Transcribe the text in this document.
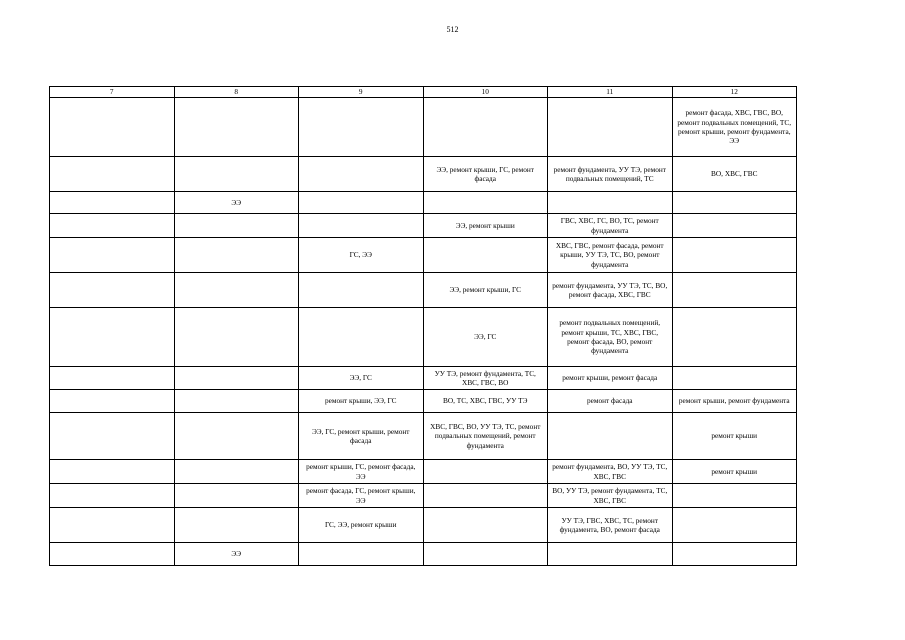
512
7	8	9	10	11	12
					ремонт фасада, ХВС, ГВС, ВО, ремонт подвальных помещений, ТС, ремонт крыши, ремонт фундамента, ЭЭ
			ЭЭ, ремонт крыши, ГС, ремонт фасада	ремонт фундамента, УУ ТЭ, ремонт подвальных помещений, ТС	ВО, ХВС, ГВС
	ЭЭ				
			ЭЭ, ремонт крыши	ГВС, ХВС, ГС, ВО, ТС, ремонт фундамента	
		ГС, ЭЭ		ХВС, ГВС, ремонт фасада, ремонт крыши, УУ ТЭ, ТС, ВО, ремонт фундамента	
			ЭЭ, ремонт крыши, ГС	ремонт фундамента, УУ ТЭ, ТС, ВО, ремонт фасада, ХВС, ГВС	
			ЭЭ, ГС	ремонт подвальных помещений, ремонт крыши, ТС, ХВС, ГВС, ремонт фасада, ВО, ремонт фундамента	
		ЭЭ, ГС	УУ ТЭ, ремонт фундамента, ТС, ХВС, ГВС, ВО	ремонт крыши, ремонт фасада	
		ремонт крыши, ЭЭ, ГС	ВО, ТС, ХВС, ГВС, УУ ТЭ	ремонт фасада	ремонт крыши, ремонт фундамента
		ЭЭ, ГС, ремонт крыши, ремонт фасада	ХВС, ГВС, ВО, УУ ТЭ, ТС, ремонт подвальных помещений, ремонт фундамента		ремонт крыши
		ремонт крыши, ГС, ремонт фасада, ЭЭ		ремонт фундамента, ВО, УУ ТЭ, ТС, ХВС, ГВС	ремонт крыши
		ремонт фасада, ГС, ремонт крыши, ЭЭ		ВО, УУ ТЭ, ремонт фундамента, ТС, ХВС, ГВС	
		ГС, ЭЭ, ремонт крыши		УУ ТЭ, ГВС, ХВС, ТС, ремонт фундамента, ВО, ремонт фасада	
	ЭЭ				
